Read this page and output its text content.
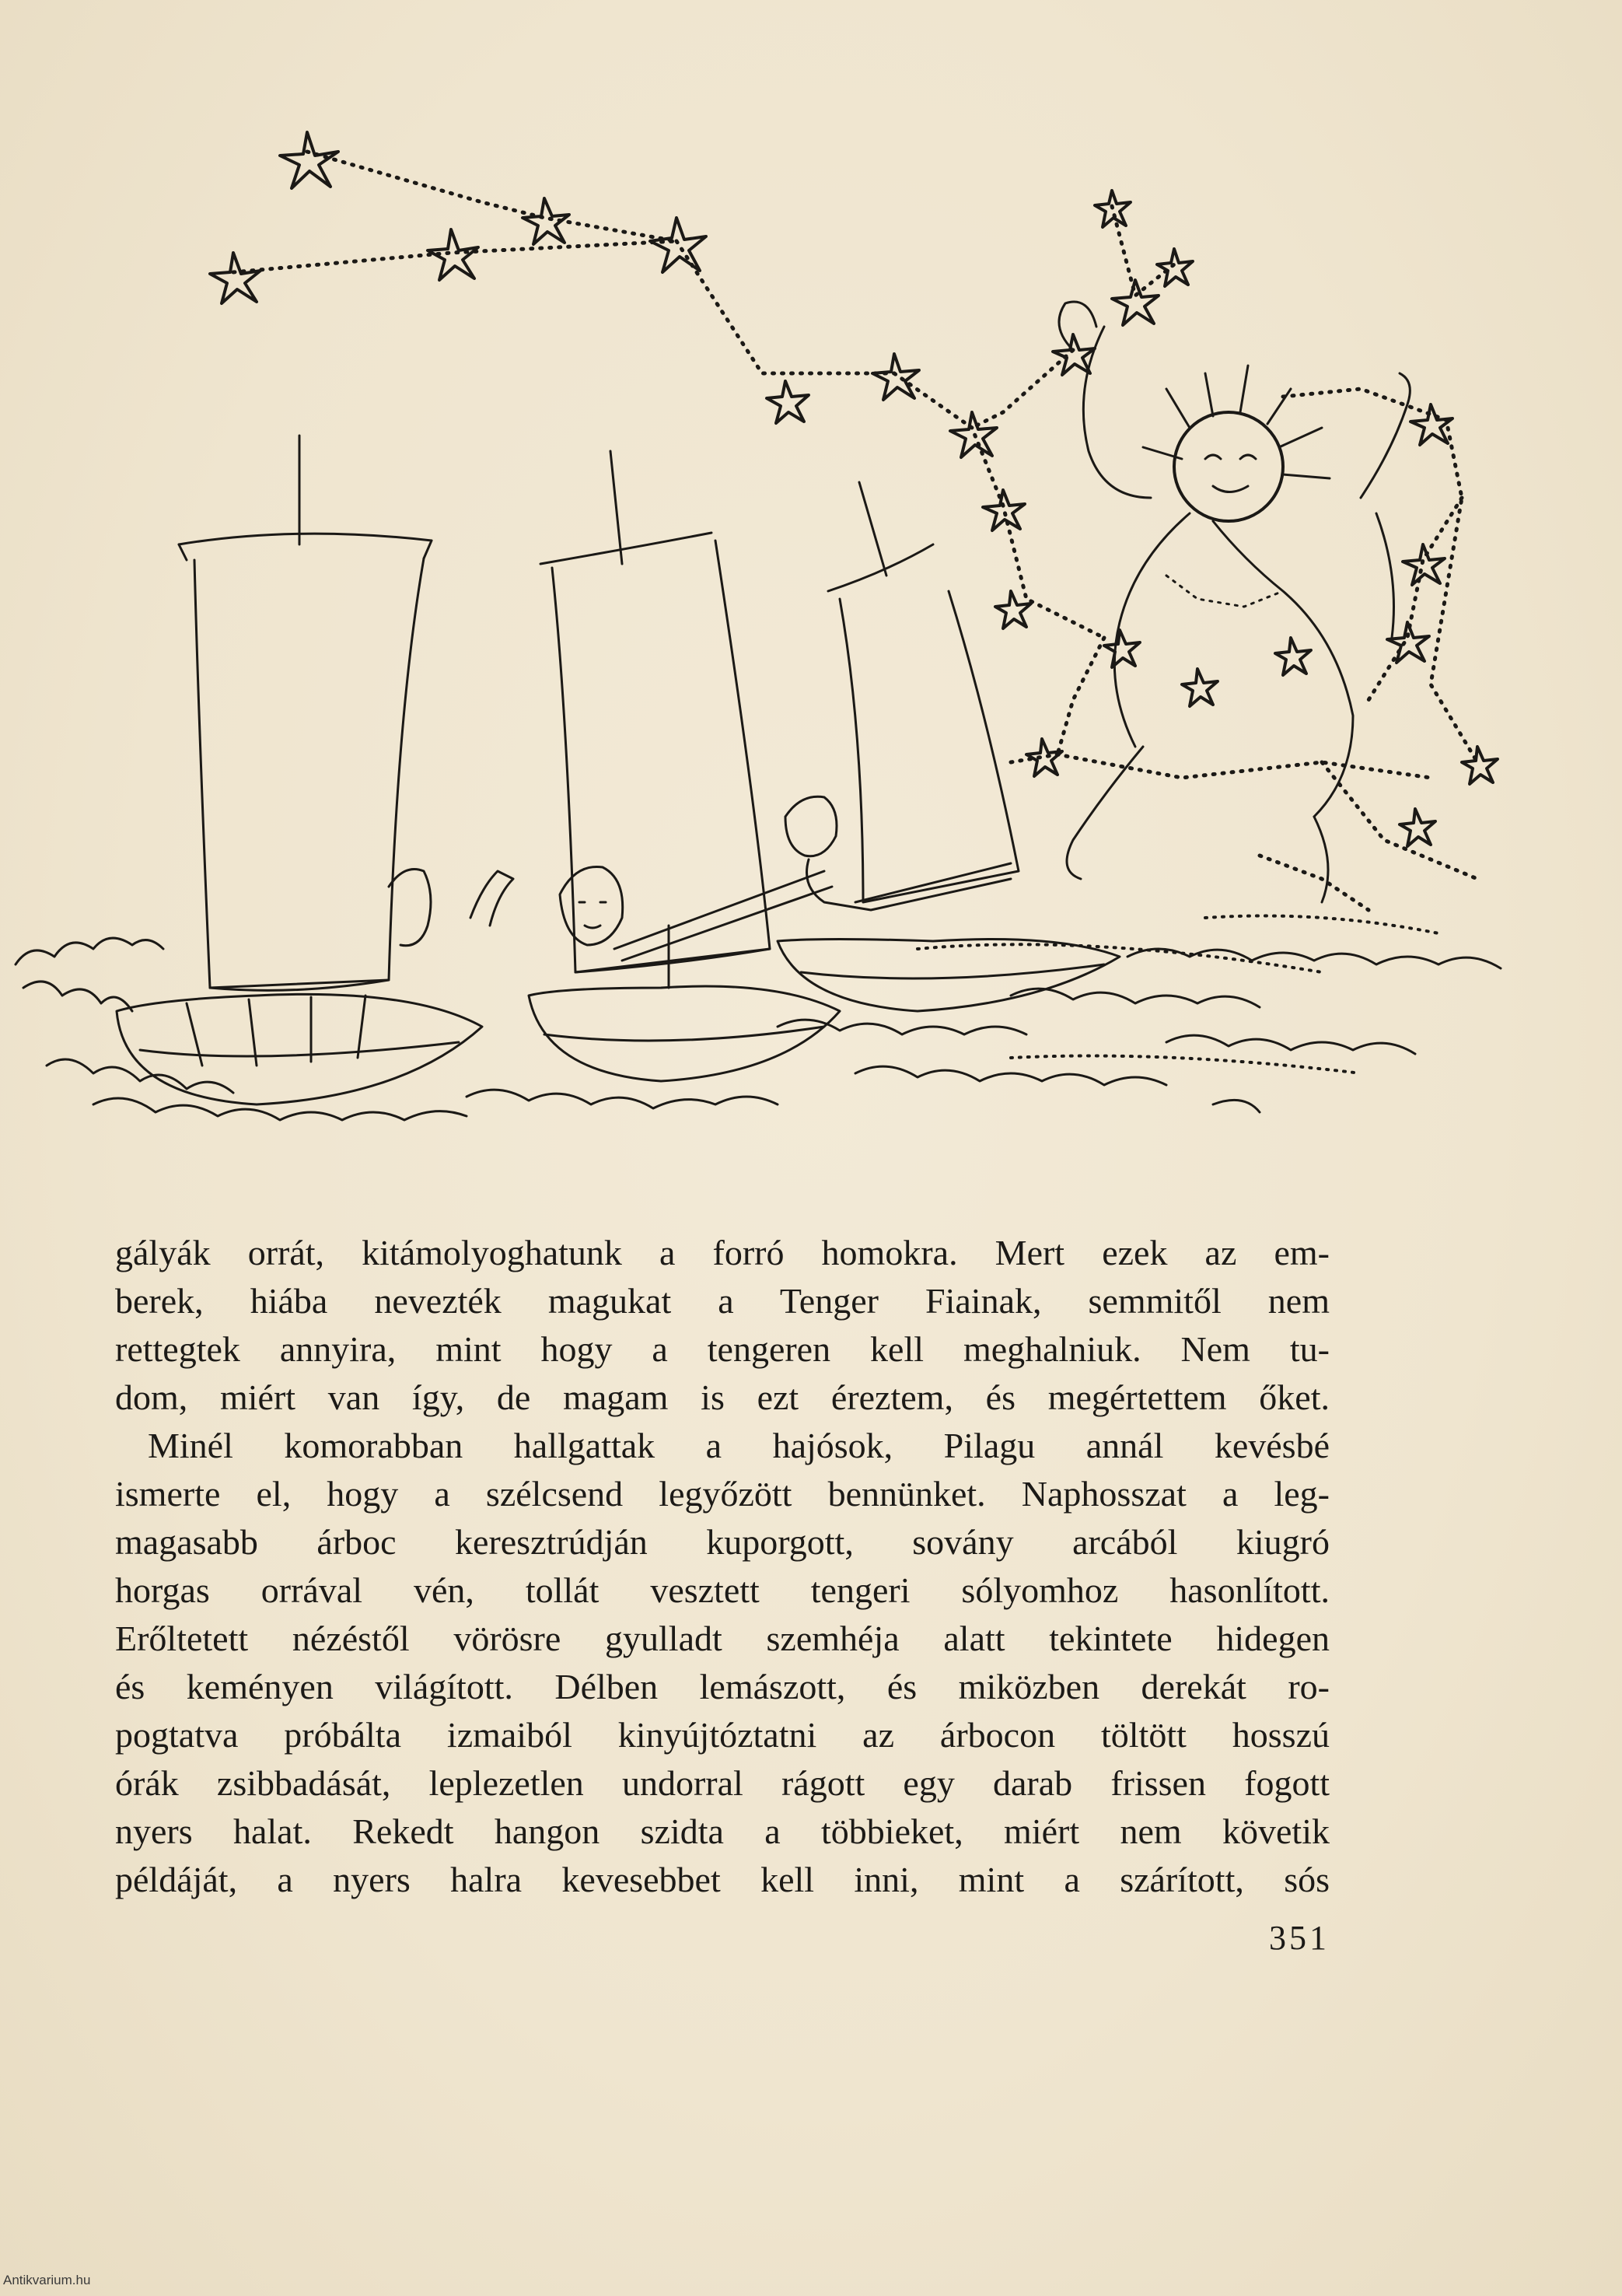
gályák orrát, kitámolyoghatunk a forró homokra. Mert ezek az em-
berek, hiába nevezték magukat a Tenger Fiainak, semmitől nem
rettegtek annyira, mint hogy a tengeren kell meghalniuk. Nem tu-
dom, miért van így, de magam is ezt éreztem, és megértettem őket.
Minél komorabban hallgattak a hajósok, Pilagu annál kevésbé
ismerte el, hogy a szélcsend legyőzött bennünket. Naphosszat a leg-
magasabb árboc keresztrúdján kuporgott, sovány arcából kiugró
horgas orrával vén, tollát vesztett tengeri sólyomhoz hasonlított.
Erőltetett nézéstől vörösre gyulladt szemhéja alatt tekintete hidegen
és keményen világított. Délben lemászott, és miközben derekát ro-
pogtatva próbálta izmaiból kinyújtóztatni az árbocon töltött hosszú
órák zsibbadását, leplezetlen undorral rágott egy darab frissen fogott
nyers halat. Rekedt hangon szidta a többieket, miért nem követik
példáját, a nyers halra kevesebbet kell inni, mint a szárított, sós
351
Antikvarium.hu
